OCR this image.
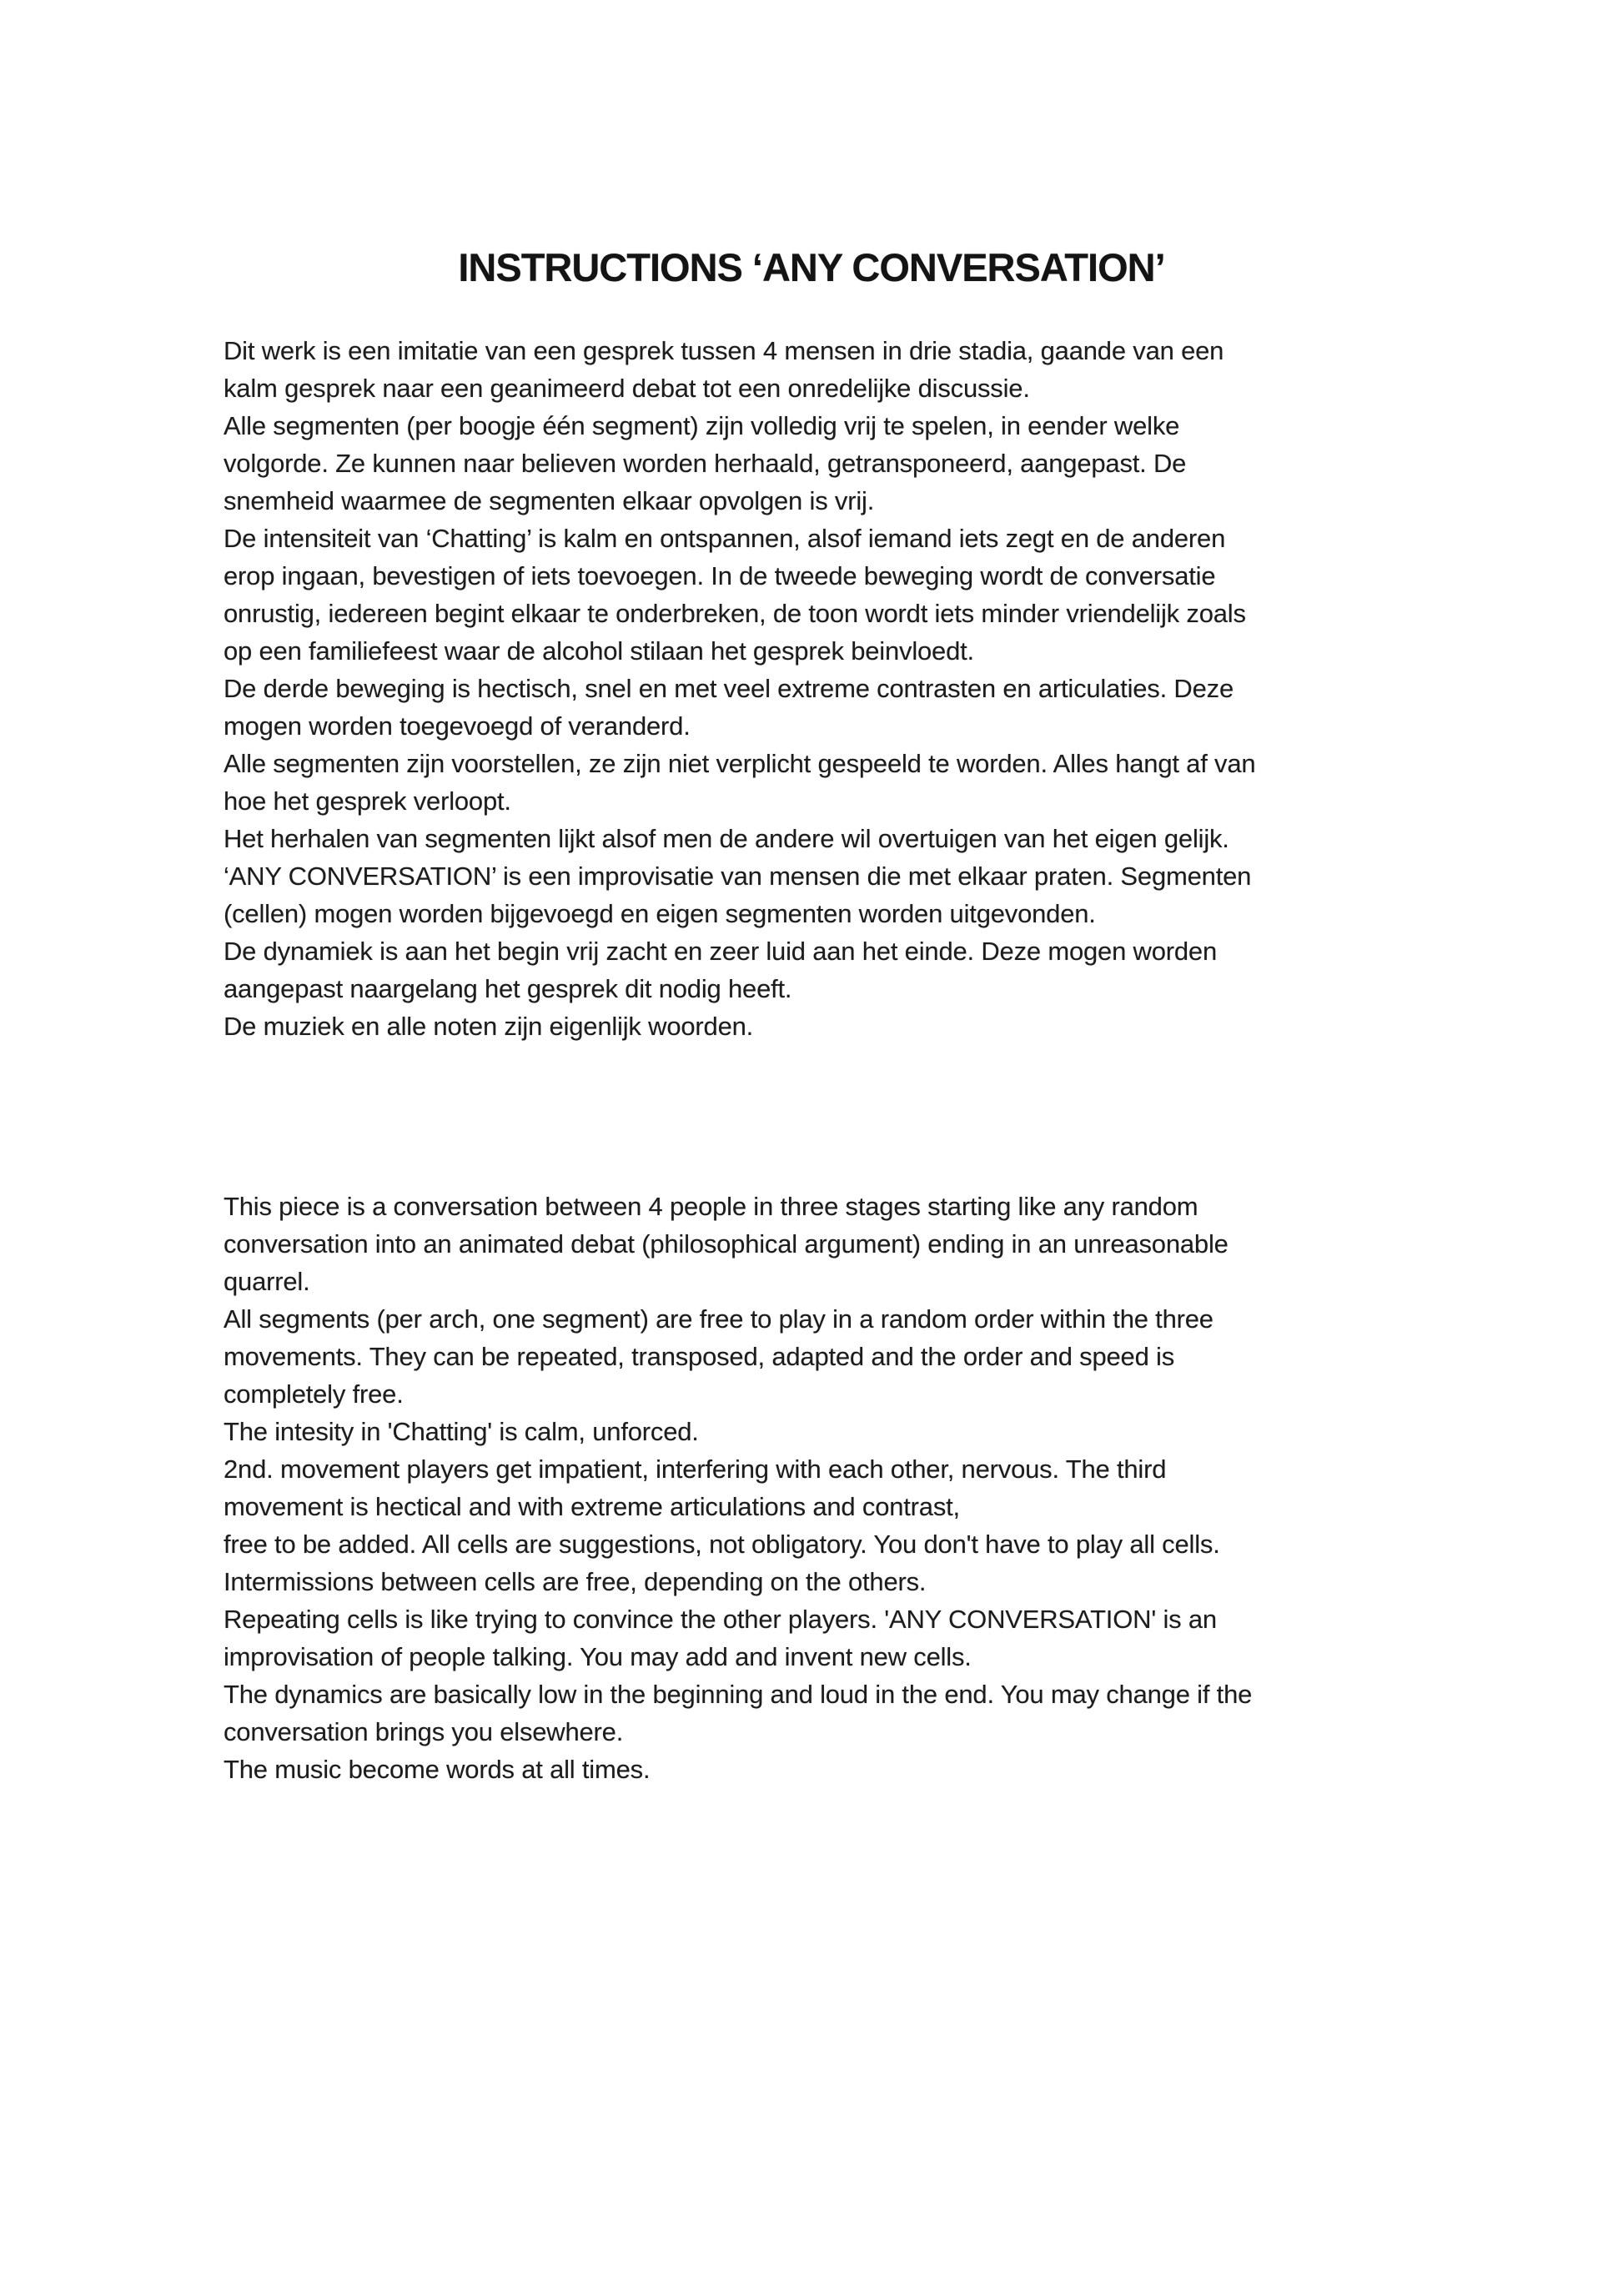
INSTRUCTIONS ‘ANY CONVERSATION’
Dit werk is een imitatie van een gesprek tussen 4 mensen in drie stadia, gaande van een
kalm gesprek naar een geanimeerd debat tot een onredelijke discussie.
Alle segmenten (per boogje één segment) zijn volledig vrij te spelen, in eender welke
volgorde. Ze kunnen naar believen worden herhaald, getransponeerd, aangepast. De
snemheid waarmee de segmenten elkaar opvolgen is vrij.
De intensiteit van ‘Chatting’ is kalm en ontspannen, alsof iemand iets zegt en de anderen
erop ingaan, bevestigen of iets toevoegen. In de tweede beweging wordt de conversatie
onrustig, iedereen begint elkaar te onderbreken, de toon wordt iets minder vriendelijk zoals
op een familiefeest waar de alcohol stilaan het gesprek beinvloedt.
De derde beweging is hectisch, snel en met veel extreme contrasten en articulaties. Deze
mogen worden toegevoegd of veranderd.
Alle segmenten zijn voorstellen, ze zijn niet verplicht gespeeld te worden. Alles hangt af van
hoe het gesprek verloopt.
Het herhalen van segmenten lijkt alsof men de andere wil overtuigen van het eigen gelijk.
‘ANY CONVERSATION’ is een improvisatie van mensen die met elkaar praten. Segmenten
(cellen) mogen worden bijgevoegd en eigen segmenten worden uitgevonden.
De dynamiek is aan het begin vrij zacht en zeer luid aan het einde. Deze mogen worden
aangepast naargelang het gesprek dit nodig heeft.
De muziek en alle noten zijn eigenlijk woorden.
This piece is a conversation between 4 people in three stages starting like any random
conversation into an animated debat (philosophical argument) ending in an unreasonable
quarrel.
All segments (per arch, one segment) are free to play in a random order within the three
movements. They can be repeated, transposed, adapted and the order and speed is
completely free.
The intesity in 'Chatting' is calm, unforced.
2nd. movement players get impatient, interfering with each other, nervous. The third
movement is hectical and with extreme articulations and contrast,
free to be added. All cells are suggestions, not obligatory. You don't have to play all cells.
Intermissions between cells are free, depending on the others.
Repeating cells is like trying to convince the other players. 'ANY CONVERSATION' is an
improvisation of people talking. You may add and invent new cells.
The dynamics are basically low in the beginning and loud in the end. You may change if the
conversation brings you elsewhere.
The music become words at all times.
